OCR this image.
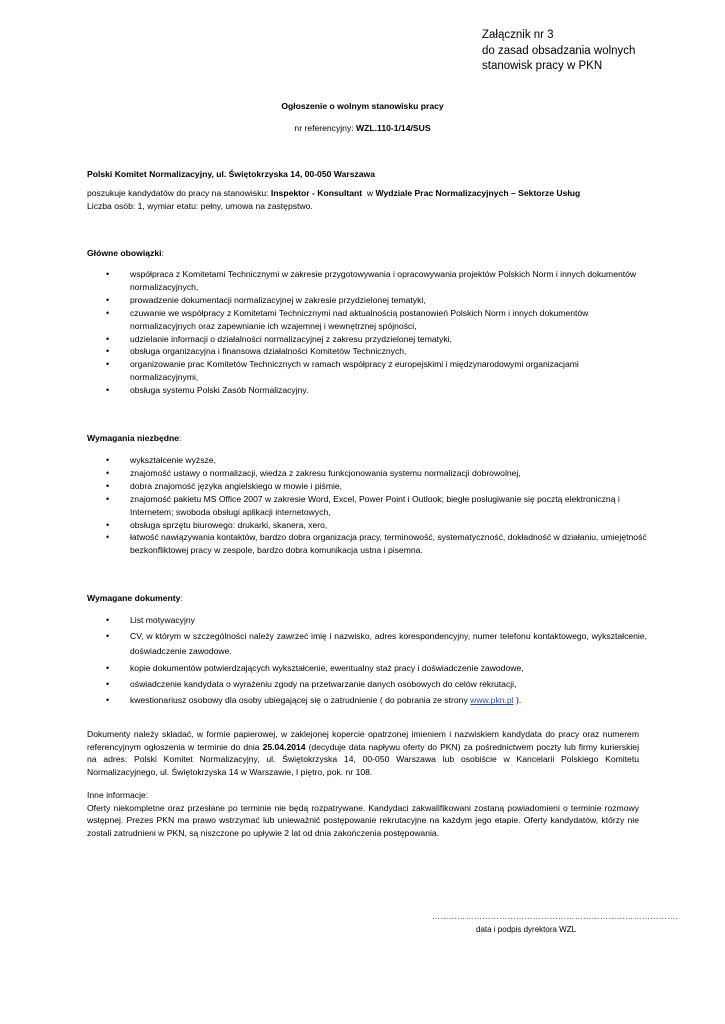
Załącznik nr 3
do zasad obsadzania wolnych
stanowisk pracy w PKN
Ogłoszenie o wolnym stanowisku pracy
nr referencyjny: WZL.110-1/14/SUS
Polski Komitet Normalizacyjny, ul. Świętokrzyska 14, 00-050 Warszawa
poszukuje kandydatów do pracy na stanowisku: Inspektor - Konsultant  w Wydziale Prac Normalizacyjnych – Sektorze Usług
Liczba osób: 1, wymiar etatu: pełny, umowa na zastępstwo.
Główne obowiązki:
• współpraca z Komitetami Technicznymi w zakresie przygotowywania i opracowywania projektów Polskich Norm i innych dokumentów normalizacyjnych,
• prowadzenie dokumentacji normalizacyjnej w zakresie przydzielonej tematyki,
• czuwanie we współpracy z Komitetami Technicznymi nad aktualnością postanowień Polskich Norm i innych dokumentów normalizacyjnych oraz zapewnianie ich wzajemnej i wewnętrznej spójności,
• udzielanie informacji o działalności normalizacyjnej z zakresu przydzielonej tematyki,
• obsługa organizacyjna i finansowa działalności Komitetów Technicznych,
• organizowanie prac Komitetów Technicznych w ramach współpracy z europejskimi i międzynarodowymi organizacjami normalizacyjnymi,
• obsługa systemu Polski Zasób Normalizacyjny.
Wymagania niezbędne:
• wykształcenie wyższe,
• znajomość ustawy o normalizacji, wiedza z zakresu funkcjonowania systemu normalizacji dobrowolnej,
• dobra znajomość języka angielskiego w mowie i piśmie,
• znajomość pakietu MS Office 2007 w zakresie Word, Excel, Power Point i Outlook; biegłe posługiwanie się pocztą elektroniczną i Internetem; swoboda obsługi aplikacji internetowych,
• obsługa sprzętu biurowego: drukarki, skanera, xero,
• łatwość nawiązywania kontaktów, bardzo dobra organizacja pracy, terminowość, systematyczność, dokładność w działaniu, umiejętność bezkonfliktowej pracy w zespole, bardzo dobra komunikacja ustna i pisemna.
Wymagane dokumenty:
• List motywacyjny
• CV, w którym w szczególności należy zawrzeć imię i nazwisko, adres korespondencyjny, numer telefonu kontaktowego, wykształcenie, doświadczenie zawodowe.
• kopie dokumentów potwierdzających wykształcenie, ewentualny staż pracy i doświadczenie zawodowe,
• oświadczenie kandydata o wyrażeniu zgody na przetwarzanie danych osobowych do celów rekrutacji,
• kwestionariusz osobowy dla osoby ubiegającej się o zatrudnienie ( do pobrania ze strony www.pkn.pl ).
Dokumenty należy składać, w formie papierowej, w zaklejonej kopercie opatrzonej imieniem i nazwiskiem kandydata do pracy oraz numerem referencyjnym ogłoszenia w terminie do dnia 25.04.2014 (decyduje data napływu oferty do PKN) za pośrednictwem poczty lub firmy kurierskiej na adres: Polski Komitet Normalizacyjny, ul. Świętokrzyska 14, 00-050 Warszawa lub osobiście w Kancelarii Polskiego Komitetu Normalizacyjnego, ul. Świętokrzyska 14 w Warszawie, I piętro, pok. nr 108.
Inne informacje:
Oferty niekompletne oraz przesłane po terminie nie będą rozpatrywane. Kandydaci zakwalifikowani zostaną powiadomieni o terminie rozmowy wstępnej. Prezes PKN ma prawo wstrzymać lub unieważnić postępowanie rekrutacyjne na każdym jego etapie. Oferty kandydatów, którzy nie zostali zatrudnieni w PKN, są niszczone po upływie 2 lat od dnia zakończenia postępowania.
…………………………………………………………………………….
data i podpis dyrektora WZL
